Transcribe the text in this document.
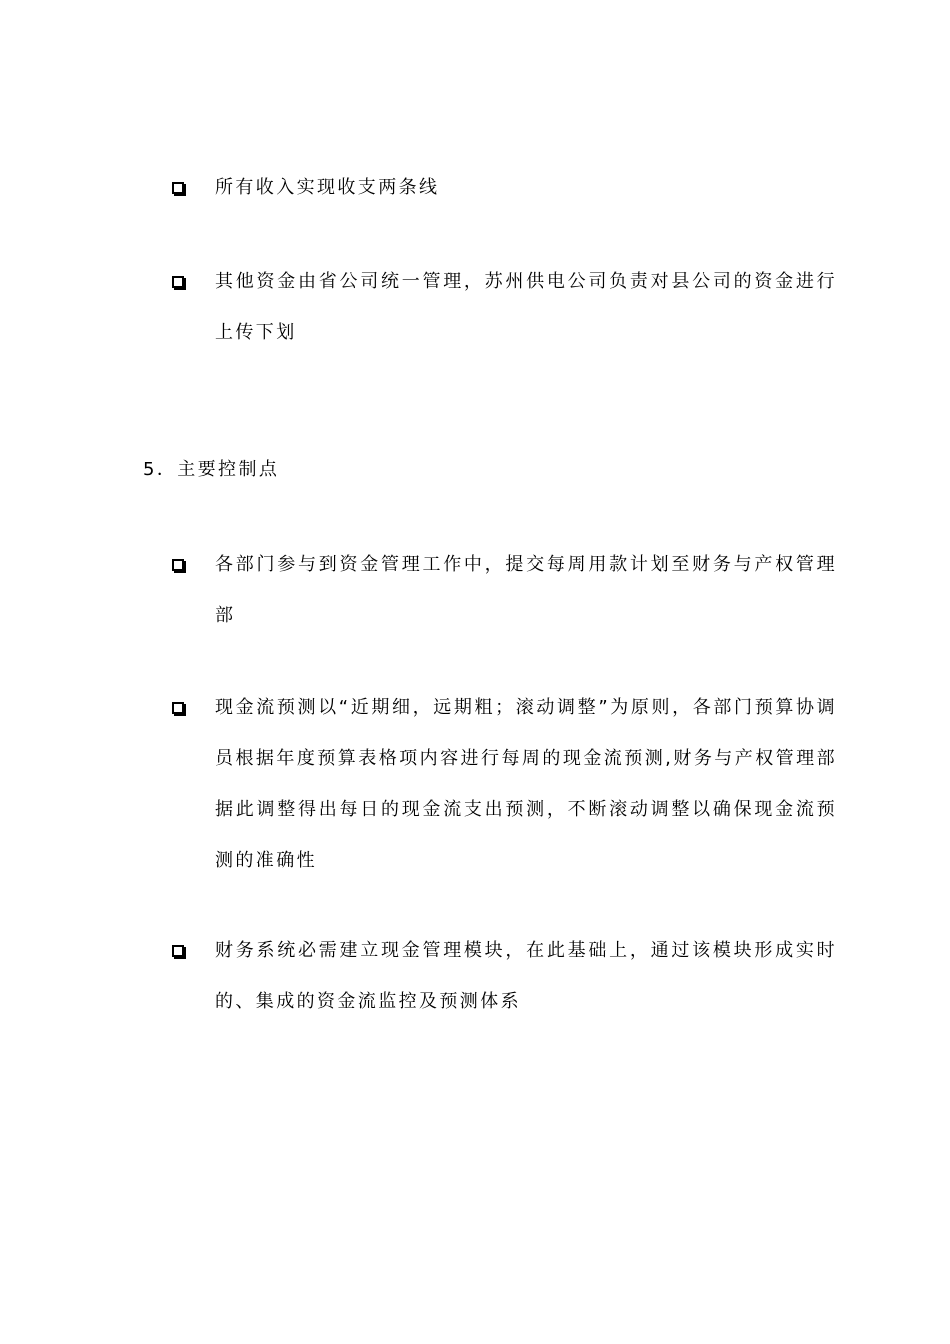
所有收入实现收支两条线
其他资金由省公司统一管理，苏州供电公司负责对县公司的资金进行上传下划
5．主要控制点
各部门参与到资金管理工作中，提交每周用款计划至财务与产权管理部
现金流预测以“近期细，远期粗；滚动调整”为原则，各部门预算协调员根据年度预算表格项内容进行每周的现金流预测,财务与产权管理部据此调整得出每日的现金流支出预测，不断滚动调整以确保现金流预测的准确性
财务系统必需建立现金管理模块，在此基础上，通过该模块形成实时的、集成的资金流监控及预测体系
